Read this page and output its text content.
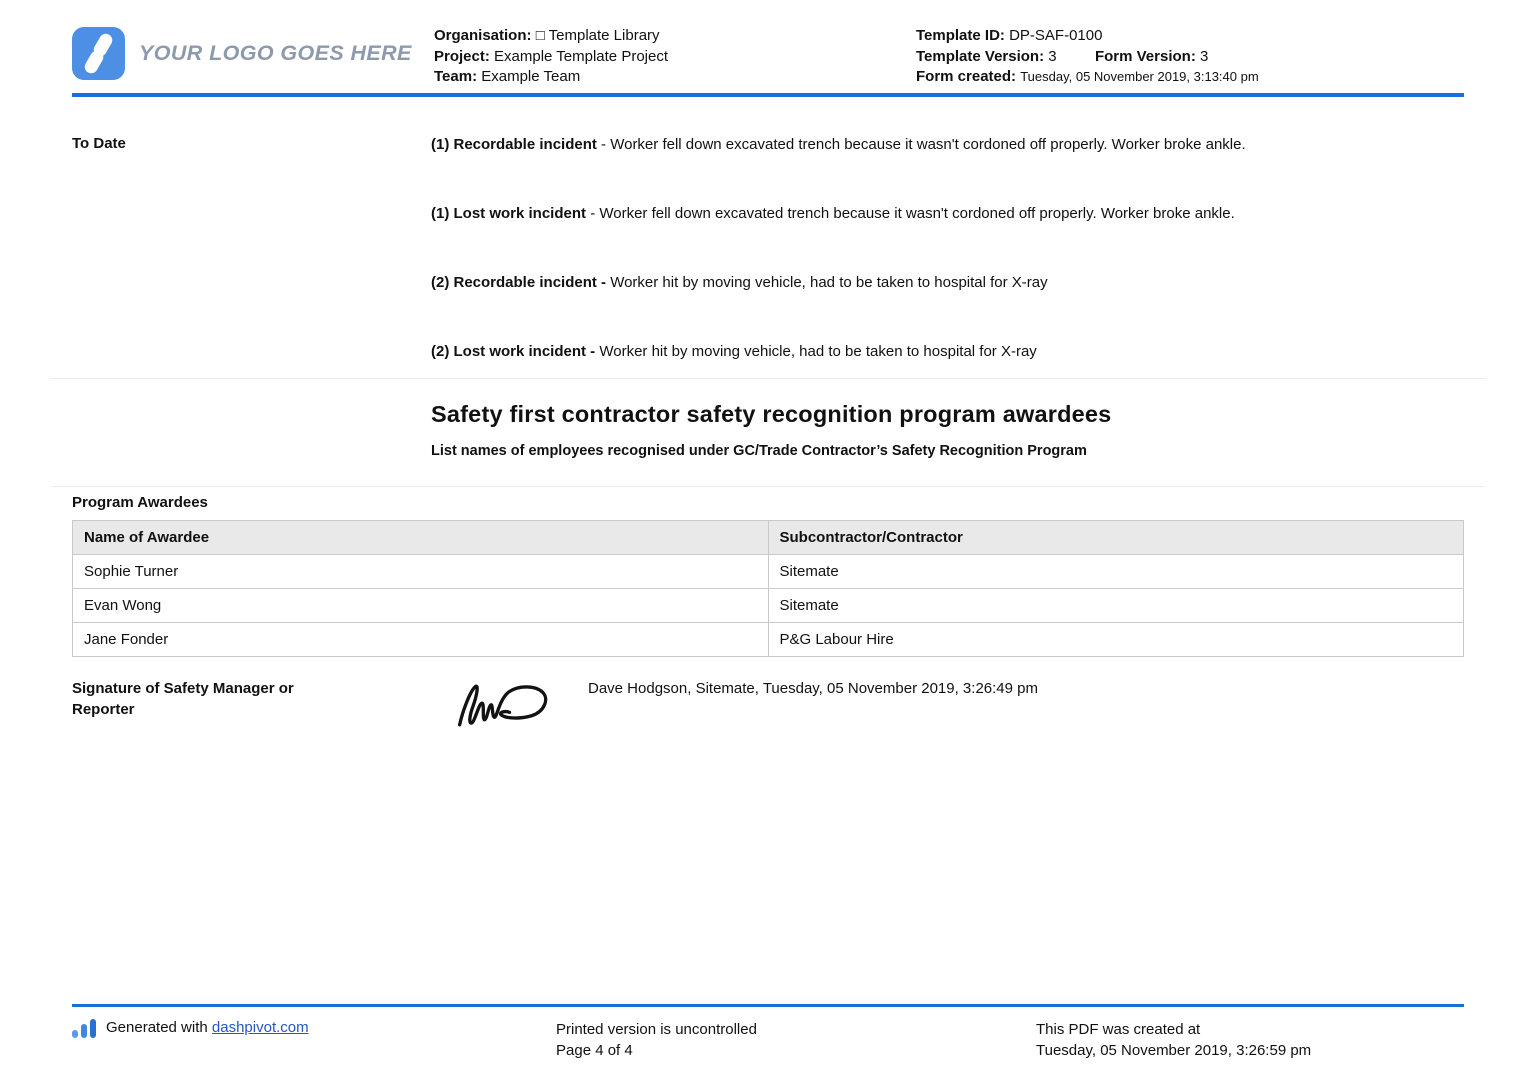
YOUR LOGO GOES HERE
Organisation: □ Template Library
Project: Example Template Project
Team: Example Team
Template ID: DP-SAF-0100
Template Version: 3	Form Version: 3
Form created: Tuesday, 05 November 2019, 3:13:40 pm
To Date	(1) Recordable incident - Worker fell down excavated trench because it wasn't cordoned off properly. Worker broke ankle.
(1) Lost work incident - Worker fell down excavated trench because it wasn't cordoned off properly. Worker broke ankle.
(2) Recordable incident - Worker hit by moving vehicle, had to be taken to hospital for X-ray
(2) Lost work incident - Worker hit by moving vehicle, had to be taken to hospital for X-ray
Safety first contractor safety recognition program awardees
List names of employees recognised under GC/Trade Contractor’s Safety Recognition Program
Program Awardees
Name of Awardee	Subcontractor/Contractor
Sophie Turner	Sitemate
Evan Wong	Sitemate
Jane Fonder	P&G Labour Hire
Signature of Safety Manager or
Reporter
Dave Hodgson, Sitemate, Tuesday, 05 November 2019, 3:26:49 pm
Generated with dashpivot.com	Printed version is uncontrolled
Page 4 of 4
This PDF was created at
Tuesday, 05 November 2019, 3:26:59 pm
